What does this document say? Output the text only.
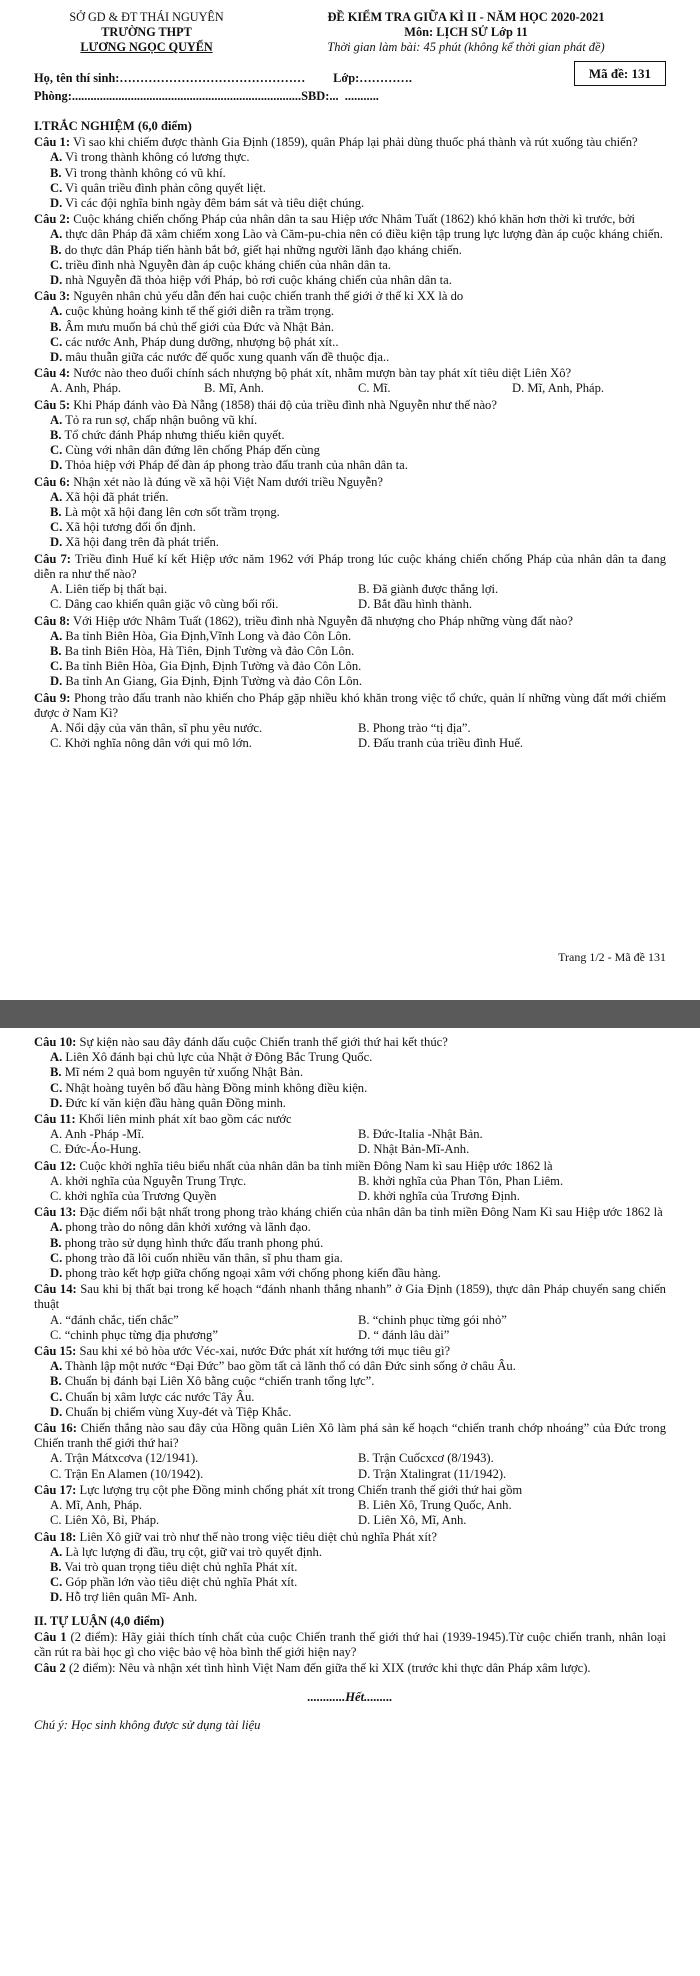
SỞ GD & ĐT THÁI NGUYÊN
TRƯỜNG THPT
LƯƠNG NGỌC QUYẾN
ĐỀ KIỂM TRA GIỮA KÌ II - NĂM HỌC 2020-2021
Môn: LỊCH SỬ Lớp 11
Thời gian làm bài: 45 phút (không kể thời gian phát đề)
Họ, tên thí sinh:………………………………………         Lớp:………….
Phòng:..........................................................................SBD:...  ...........
Mã đề: 131
I.TRẮC NGHIỆM (6,0 điểm)
Câu 1: Vì sao khi chiếm được thành Gia Định (1859), quân Pháp lại phải dùng thuốc phá thành và rút xuống tàu chiến?
A. Vì trong thành không có lương thực.
B. Vì trong thành không có vũ khí.
C. Vì quân triều đình phản công quyết liệt.
D. Vì các đội nghĩa binh ngày đêm bám sát và tiêu diệt chúng.
Câu 2: Cuộc kháng chiến chống Pháp của nhân dân ta sau Hiệp ước Nhâm Tuất (1862) khó khăn hơn thời kì trước, bởi
A. thực dân Pháp đã xâm chiếm xong Lào và Căm-pu-chia nên có điều kiện tập trung lực lượng đàn áp cuộc kháng chiến.
B. do thực dân Pháp tiến hành bắt bớ, giết hại những người lãnh đạo kháng chiến.
C. triều đình nhà Nguyễn đàn áp cuộc kháng chiến của nhân dân ta.
D. nhà Nguyễn đã thỏa hiệp với Pháp, bỏ rơi cuộc kháng chiến của nhân dân ta.
Câu 3: Nguyên nhân chủ yếu dẫn đến hai cuộc chiến tranh thế giới ở thế kỉ XX là do
A. cuộc khủng hoảng kinh tế thế giới diễn ra trầm trọng.
B. Âm mưu muốn bá chủ thế giới của Đức và Nhật Bản.
C. các nước Anh, Pháp dung dưỡng, nhượng bộ phát xít..
D. mâu thuẫn giữa các nước đế quốc xung quanh vấn đề thuộc địa..
Câu 4: Nước nào theo đuổi chính sách nhượng bộ phát xít, nhằm mượn bàn tay phát xít tiêu diệt Liên Xô?
A. Anh, Pháp.	B. Mĩ, Anh.	C. Mĩ.	D. Mĩ, Anh, Pháp.
Câu 5: Khi Pháp đánh vào Đà Nẵng (1858) thái độ của triều đình nhà Nguyễn như thế nào?
A. Tỏ ra run sợ, chấp nhận buông vũ khí.
B. Tổ chức đánh Pháp nhưng thiếu kiên quyết.
C. Cùng với nhân dân đứng lên chống Pháp đến cùng
D. Thỏa hiệp với Pháp để đàn áp phong trào đấu tranh của nhân dân ta.
Câu 6: Nhận xét nào là đúng về xã hội Việt Nam dưới triều Nguyễn?
A. Xã hội đã phát triển.
B. Là một xã hội đang lên cơn sốt trầm trọng.
C. Xã hội tương đối ổn định.
D. Xã hội đang trên đà phát triển.
Câu 7: Triều đình Huế kí kết Hiệp ước năm 1962 với Pháp trong lúc cuộc kháng chiến chống Pháp của nhân dân ta đang diễn ra như thế nào?
A. Liên tiếp bị thất bại.	B. Đã giành được thắng lợi.
C. Dâng cao khiến quân giặc vô cùng bối rối.	D. Bắt đầu hình thành.
Câu 8: Với Hiệp ước Nhâm Tuất (1862), triều đình nhà Nguyễn đã nhượng cho Pháp những vùng đất nào?
A. Ba tỉnh Biên Hòa, Gia Định,Vĩnh Long và đảo Côn Lôn.
B. Ba tỉnh Biên Hòa, Hà Tiên, Định Tường và đảo Côn Lôn.
C. Ba tỉnh Biên Hòa, Gia Định, Định Tường và đảo Côn Lôn.
D. Ba tỉnh An Giang, Gia Định, Định Tường và đảo Côn Lôn.
Câu 9: Phong trào đấu tranh nào khiến cho Pháp gặp nhiều khó khăn trong việc tổ chức, quản lí những vùng đất mới chiếm được ở Nam Kì?
A. Nổi dậy của văn thân, sĩ phu yêu nước.	B. Phong trào “tị địa”.
C. Khởi nghĩa nông dân với qui mô lớn.	D. Đấu tranh của triều đình Huế.
Trang 1/2 - Mã đề 131
Câu 10: Sự kiện nào sau đây đánh dấu cuộc Chiến tranh thế giới thứ hai kết thúc?
A. Liên Xô đánh bại chủ lực của Nhật ở Đông Bắc Trung Quốc.
B. Mĩ ném 2 quả bom nguyên tử xuống Nhật Bản.
C. Nhật hoàng tuyên bố đầu hàng Đồng minh không điều kiện.
D. Đức kí văn kiện đầu hàng quân Đồng minh.
Câu 11: Khối liên minh phát xít bao gồm các nước
A. Anh -Pháp -Mĩ.	B. Đức-Italia -Nhật Bản.
C. Đức-Áo-Hung.	D. Nhật Bản-Mĩ-Anh.
Câu 12: Cuộc khởi nghĩa tiêu biểu nhất của nhân dân ba tỉnh miền Đông Nam kì sau Hiệp ước 1862 là
A. khởi nghĩa của Nguyễn Trung Trực.	B. khởi nghĩa của Phan Tôn, Phan Liêm.
C. khởi nghĩa của Trương Quyền	D. khởi nghĩa của Trương Định.
Câu 13: Đặc điểm nổi bật nhất trong phong trào kháng chiến của nhân dân ba tỉnh miền Đông Nam Kì sau Hiệp ước 1862 là
A. phong trào do nông dân khởi xướng và lãnh đạo.
B. phong trào sử dụng hình thức đấu tranh phong phú.
C. phong trào đã lôi cuốn nhiều văn thân, sĩ phu tham gia.
D. phong trào kết hợp giữa chống ngoại xâm với chống phong kiến đầu hàng.
Câu 14: Sau khi bị thất bại trong kế hoạch “đánh nhanh thắng nhanh” ở Gia Định (1859), thực dân Pháp chuyển sang chiến thuật
A. “đánh chắc, tiến chắc”	B. “chinh phục từng gói nhỏ”
C. “chinh phục từng địa phương”	D. “ đánh lâu dài”
Câu 15: Sau khi xé bỏ hòa ước Véc-xai, nước Đức phát xít hướng tới mục tiêu gì?
A. Thành lập một nước “Đại Đức” bao gồm tất cả lãnh thổ có dân Đức sinh sống ở châu Âu.
B. Chuẩn bị đánh bại Liên Xô bằng cuộc “chiến tranh tổng lực”.
C. Chuẩn bị xâm lược các nước Tây Âu.
D. Chuẩn bị chiếm vùng Xuy-đét và Tiệp Khắc.
Câu 16: Chiến thắng nào sau đây của Hồng quân Liên Xô làm phá sản kế hoạch “chiến tranh chớp nhoáng” của Đức trong Chiến tranh thế giới thứ hai?
A. Trận Mátxcơva (12/1941).	B. Trận Cuốcxcơ (8/1943).
C. Trận En Alamen (10/1942).	D. Trận Xtalingrat (11/1942).
Câu 17: Lực lượng trụ cột phe Đồng minh chống phát xít trong Chiến tranh thế giới thứ hai gồm
A. Mĩ, Anh, Pháp.	B. Liên Xô, Trung Quốc, Anh.
C. Liên Xô, Bỉ, Pháp.	D. Liên Xô, Mĩ, Anh.
Câu 18: Liên Xô giữ vai trò như thế nào trong việc tiêu diệt chủ nghĩa Phát xít?
A. Là lực lượng đi đầu, trụ cột, giữ vai trò quyết định.
B. Vai trò quan trọng tiêu diệt chủ nghĩa Phát xít.
C. Góp phần lớn vào tiêu diệt chủ nghĩa Phát xít.
D. Hỗ trợ liên quân Mĩ- Anh.
II. TỰ LUẬN (4,0 điểm)
Câu 1 (2 điểm): Hãy giải thích tính chất của cuộc Chiến tranh thế giới thứ hai (1939-1945).Từ cuộc chiến tranh, nhân loại cần rút ra bài học gì cho việc bảo vệ hòa bình thế giới hiện nay?
Câu 2 (2 điểm): Nêu và nhận xét tình hình Việt Nam đến giữa thế kỉ XIX (trước khi thực dân Pháp xâm lược).
............Hết.........
Chú ý: Học sinh không được sử dụng tài liệu
